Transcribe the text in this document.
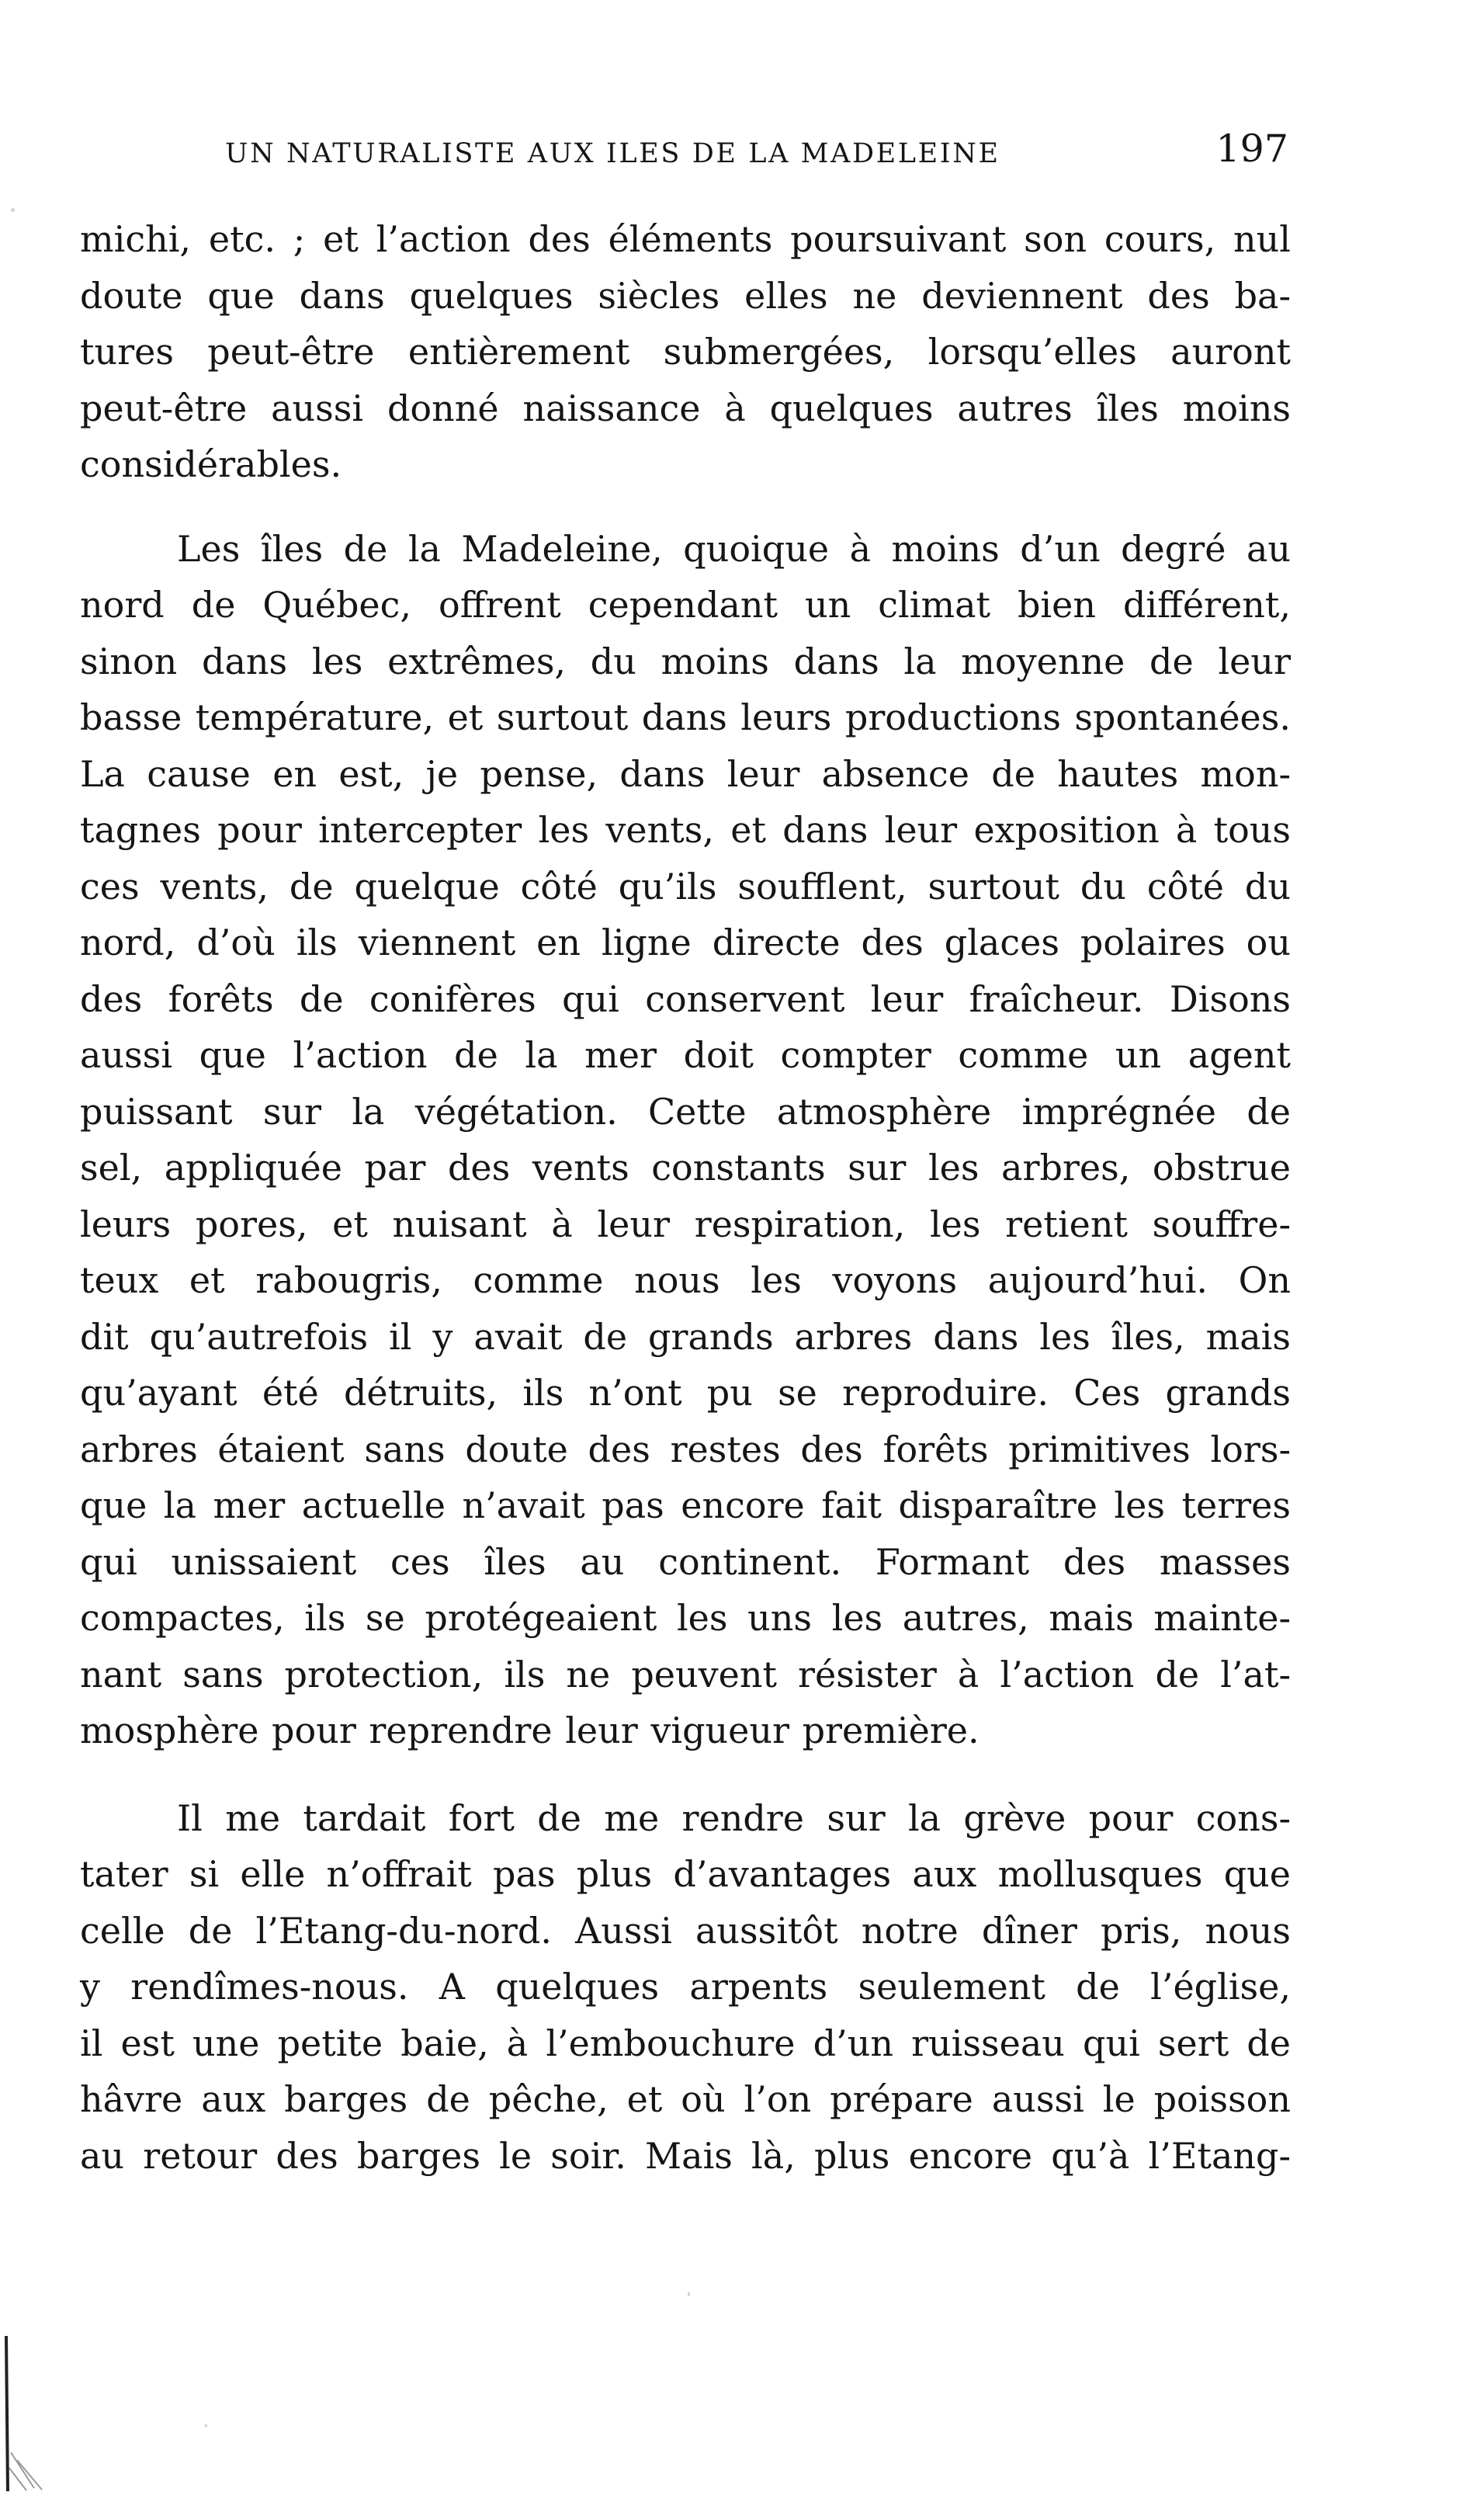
UN NATURALISTE AUX ILES DE LA MADELEINE	197
michi, etc. ; et l’action des éléments poursuivant son cours, nul
doute que dans quelques siècles elles ne deviennent des ba-
tures peut-être entièrement submergées, lorsqu’elles auront
peut-être aussi donné naissance à quelques autres îles moins
considérables.
Les îles de la Madeleine, quoique à moins d’un degré au
nord de Québec, offrent cependant un climat bien différent,
sinon dans les extrêmes, du moins dans la moyenne de leur
basse température, et surtout dans leurs productions spontanées.
La cause en est, je pense, dans leur absence de hautes mon-
tagnes pour intercepter les vents, et dans leur exposition à tous
ces vents, de quelque côté qu’ils soufflent, surtout du côté du
nord, d’où ils viennent en ligne directe des glaces polaires ou
des forêts de conifères qui conservent leur fraîcheur. Disons
aussi que l’action de la mer doit compter comme un agent
puissant sur la végétation. Cette atmosphère imprégnée de
sel, appliquée par des vents constants sur les arbres, obstrue
leurs pores, et nuisant à leur respiration, les retient souffre-
teux et rabougris, comme nous les voyons aujourd’hui. On
dit qu’autrefois il y avait de grands arbres dans les îles, mais
qu’ayant été détruits, ils n’ont pu se reproduire. Ces grands
arbres étaient sans doute des restes des forêts primitives lors-
que la mer actuelle n’avait pas encore fait disparaître les terres
qui unissaient ces îles au continent. Formant des masses
compactes, ils se protégeaient les uns les autres, mais mainte-
nant sans protection, ils ne peuvent résister à l’action de l’at-
mosphère pour reprendre leur vigueur première.
Il me tardait fort de me rendre sur la grève pour cons-
tater si elle n’offrait pas plus d’avantages aux mollusques que
celle de l’Etang-du-nord. Aussi aussitôt notre dîner pris, nous
y rendîmes-nous. A quelques arpents seulement de l’église,
il est une petite baie, à l’embouchure d’un ruisseau qui sert de
hâvre aux barges de pêche, et où l’on prépare aussi le poisson
au retour des barges le soir. Mais là, plus encore qu’à l’Etang-
